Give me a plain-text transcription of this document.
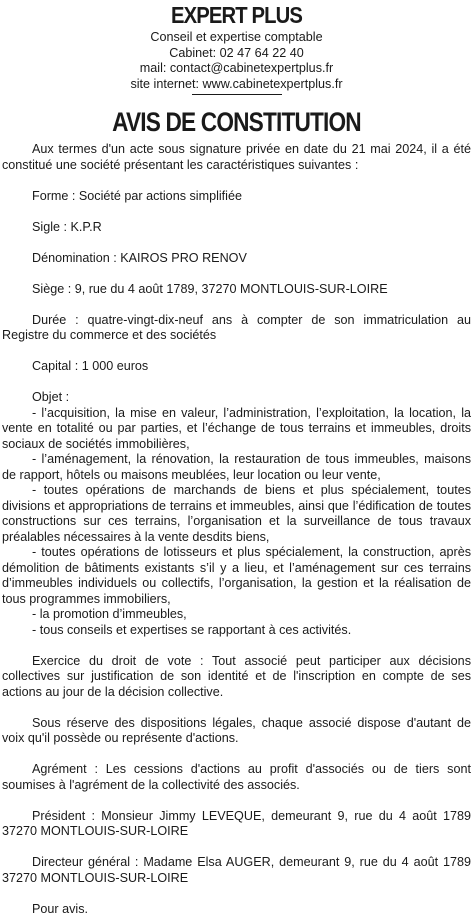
EXPERT PLUS
Conseil et expertise comptable
Cabinet: 02 47 64 22 40
mail: contact@cabinetexpertplus.fr
site internet: www.cabinetexpertplus.fr
AVIS DE CONSTITUTION

Aux termes d'un acte sous signature privée en date du 21 mai 2024, il a été constitué une société présentant les caractéristiques suivantes :

Forme : Société par actions simplifiée

Sigle : K.P.R

Dénomination : KAIROS PRO RENOV

Siège : 9, rue du 4 août 1789, 37270 MONTLOUIS-SUR-LOIRE

Durée : quatre-vingt-dix-neuf ans à compter de son immatriculation au Registre du commerce et des sociétés

Capital : 1 000 euros

Objet :
- l’acquisition, la mise en valeur, l’administration, l’exploitation, la location, la vente en totalité ou par parties, et l’échange de tous terrains et immeubles, droits sociaux de sociétés immobilières,
- l’aménagement, la rénovation, la restauration de tous immeubles, maisons de rapport, hôtels ou maisons meublées, leur location ou leur vente,
- toutes opérations de marchands de biens et plus spécialement, toutes divisions et appropriations de terrains et immeubles, ainsi que l’édification de toutes constructions sur ces terrains, l’organisation et la surveillance de tous travaux préalables nécessaires à la vente desdits biens,
- toutes opérations de lotisseurs et plus spécialement, la construction, après démolition de bâtiments existants s’il y a lieu, et l’aménagement sur ces terrains d’immeubles individuels ou collectifs, l’organisation, la gestion et la réalisation de tous programmes immobiliers,
- la promotion d’immeubles,
- tous conseils et expertises se rapportant à ces activités.

Exercice du droit de vote : Tout associé peut participer aux décisions collectives sur justification de son identité et de l'inscription en compte de ses actions au jour de la décision collective.

Sous réserve des dispositions légales, chaque associé dispose d'autant de voix qu'il possède ou représente d'actions.

Agrément : Les cessions d'actions au profit d'associés ou de tiers sont soumises à l'agrément de la collectivité des associés.

Président : Monsieur Jimmy LEVEQUE, demeurant 9, rue du 4 août 1789 37270 MONTLOUIS-SUR-LOIRE

Directeur général : Madame Elsa AUGER, demeurant 9, rue du 4 août 1789 37270 MONTLOUIS-SUR-LOIRE

Pour avis.
